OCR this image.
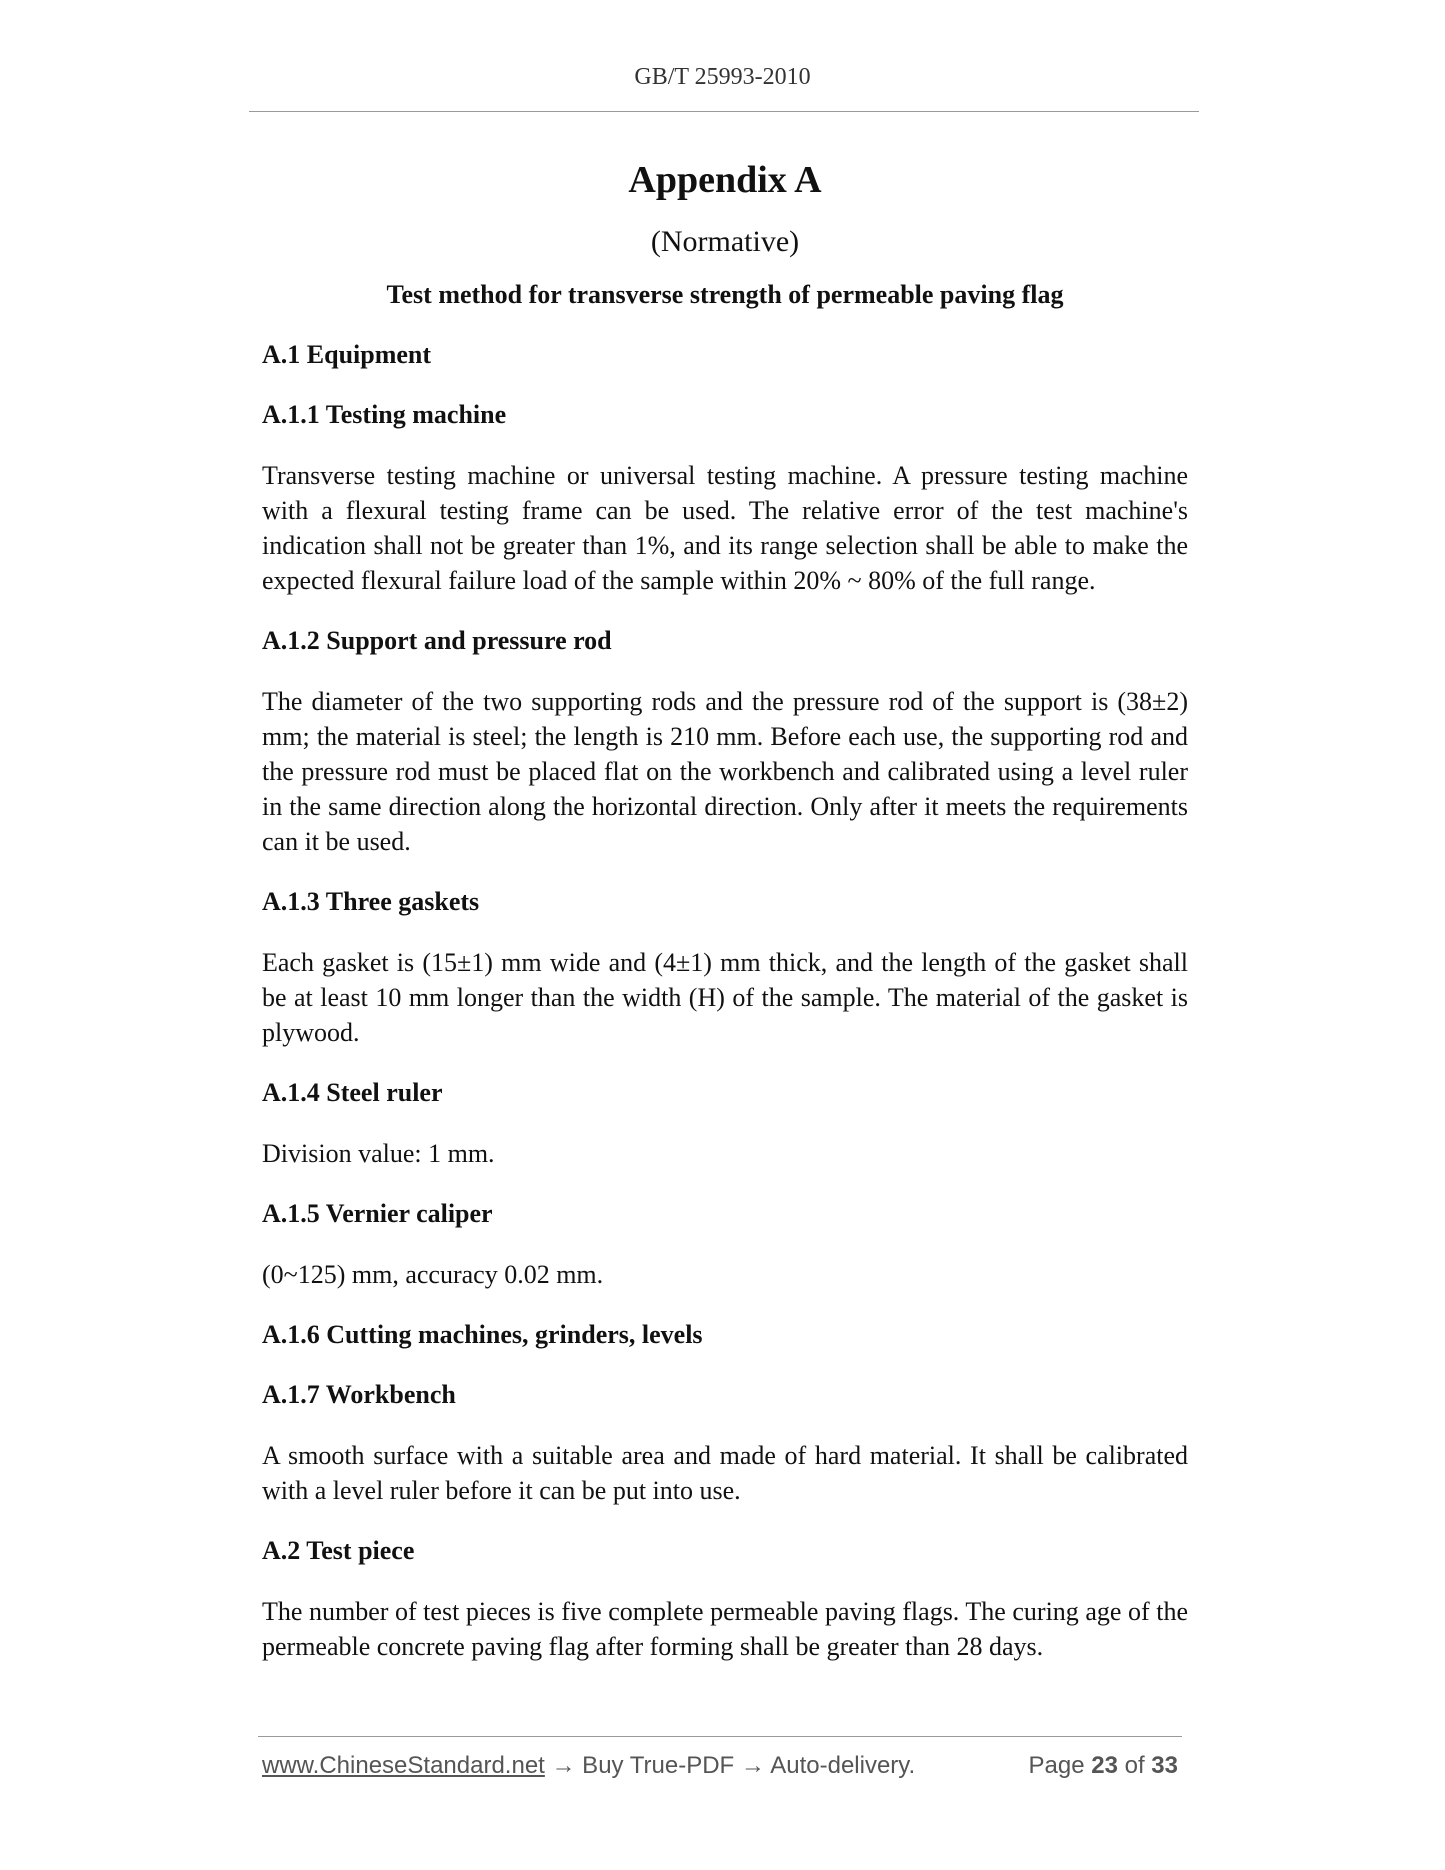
GB/T 25993-2010
Appendix A
(Normative)
Test method for transverse strength of permeable paving flag
A.1 Equipment
A.1.1 Testing machine
Transverse testing machine or universal testing machine. A pressure testing machine with a flexural testing frame can be used. The relative error of the test machine's indication shall not be greater than 1%, and its range selection shall be able to make the expected flexural failure load of the sample within 20% ~ 80% of the full range.
A.1.2 Support and pressure rod
The diameter of the two supporting rods and the pressure rod of the support is (38±2) mm; the material is steel; the length is 210 mm. Before each use, the supporting rod and the pressure rod must be placed flat on the workbench and calibrated using a level ruler in the same direction along the horizontal direction. Only after it meets the requirements can it be used.
A.1.3 Three gaskets
Each gasket is (15±1) mm wide and (4±1) mm thick, and the length of the gasket shall be at least 10 mm longer than the width (H) of the sample. The material of the gasket is plywood.
A.1.4 Steel ruler
Division value: 1 mm.
A.1.5 Vernier caliper
(0~125) mm, accuracy 0.02 mm.
A.1.6 Cutting machines, grinders, levels
A.1.7 Workbench
A smooth surface with a suitable area and made of hard material. It shall be calibrated with a level ruler before it can be put into use.
A.2 Test piece
The number of test pieces is five complete permeable paving flags. The curing age of the permeable concrete paving flag after forming shall be greater than 28 days.
www.ChineseStandard.net → Buy True-PDF → Auto-delivery.	Page 23 of 33
